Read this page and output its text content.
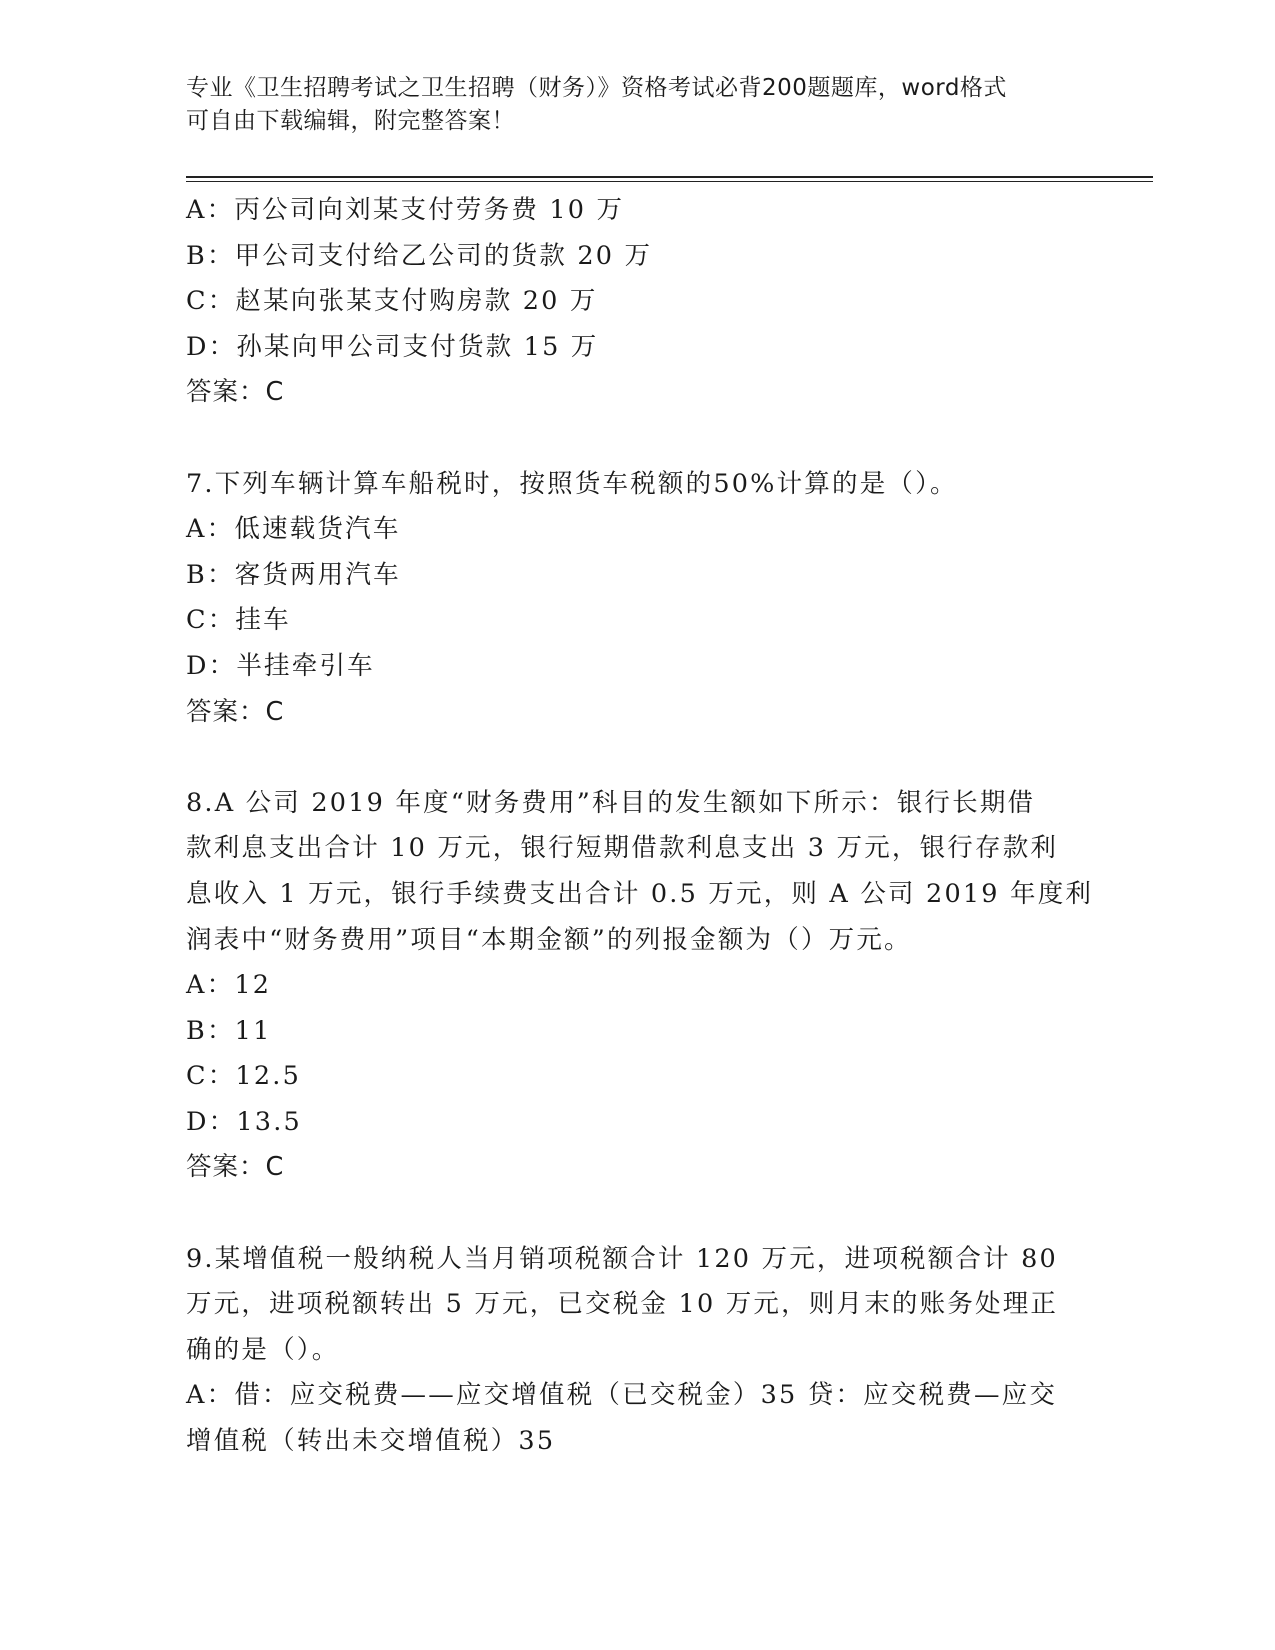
专业《卫生招聘考试之卫生招聘（财务）》资格考试必背200题题库，word格式
可自由下载编辑，附完整答案！
A：丙公司向刘某支付劳务费 10 万
B：甲公司支付给乙公司的货款 20 万
C：赵某向张某支付购房款 20 万
D：孙某向甲公司支付货款 15 万
答案：C
7.下列车辆计算车船税时，按照货车税额的50%计算的是（）。
A：低速载货汽车
B：客货两用汽车
C：挂车
D：半挂牵引车
答案：C
8.A 公司 2019 年度“财务费用”科目的发生额如下所示：银行长期借
款利息支出合计 10 万元，银行短期借款利息支出 3 万元，银行存款利
息收入 1 万元，银行手续费支出合计 0.5 万元，则 A 公司 2019 年度利
润表中“财务费用”项目“本期金额”的列报金额为（）万元。
A：12
B：11
C：12.5
D：13.5
答案：C
9.某增值税一般纳税人当月销项税额合计 120 万元，进项税额合计 80
万元，进项税额转出 5 万元，已交税金 10 万元，则月末的账务处理正
确的是（）。
A：借：应交税费——应交增值税（已交税金）35 贷：应交税费—应交
增值税（转出未交增值税）35
